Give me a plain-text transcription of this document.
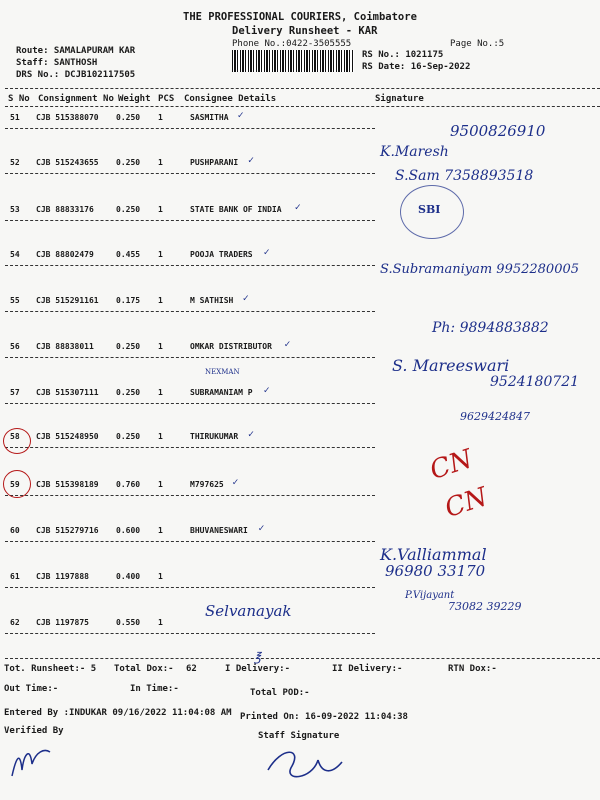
THE PROFESSIONAL COURIERS, Coimbatore
Delivery Runsheet - KAR
Phone No.:0422-3505555	Page No.:5
Route: SAMALAPURAM KAR
Staff: SANTHOSH
DRS No.: DCJB102117505
RS No.: 1021175
RS Date: 16-Sep-2022
S No Consignment No Weight PCS Consignee Details	Signature
51 CJB 515388070 0.250 1	SASMITHA ✓
52 CJB 515243655 0.250 1	PUSHPARANI ✓
53 CJB 88833176	0.250 1	STATE BANK OF INDIA ✓
54 CJB 88802479	0.455 1	POOJA TRADERS ✓
55 CJB 515291161 0.175 1	M SATHISH ✓
56 CJB 88838011	0.250 1	OMKAR DISTRIBUTOR ✓
57 CJB 515307111 0.250 1	SUBRAMANIAM P ✓
58 CJB 515248950 0.250 1	THIRUKUMAR ✓
59 CJB 515398189 0.760 1	M797625 ✓
60 CJB 515279716 0.600 1	BHUVANESWARI ✓
61 CJB 1197888	0.400 1
62 CJB 1197875	0.550 1
9500826910
K.Maresh
S.Sam 7358893518
SBI
S.Subramaniyam 9952280005
Ph: 9894883882
S. Mareeswari
9524180721
NEXMAN
9629424847
CN
CN
K.Valliammal
96980 33170
P.Vijayant
73082 39229
Selvanayak
Tot. Runsheet:- 5 Total Dox:- 62	I Delivery:-	II Delivery:-	RTN Dox:-
℥
Out Time:-	In Time:-	Total POD:-
Entered By :INDUKAR 09/16/2022 11:04:08 AM Printed On: 16-09-2022 11:04:38
Verified By	Staff Signature
